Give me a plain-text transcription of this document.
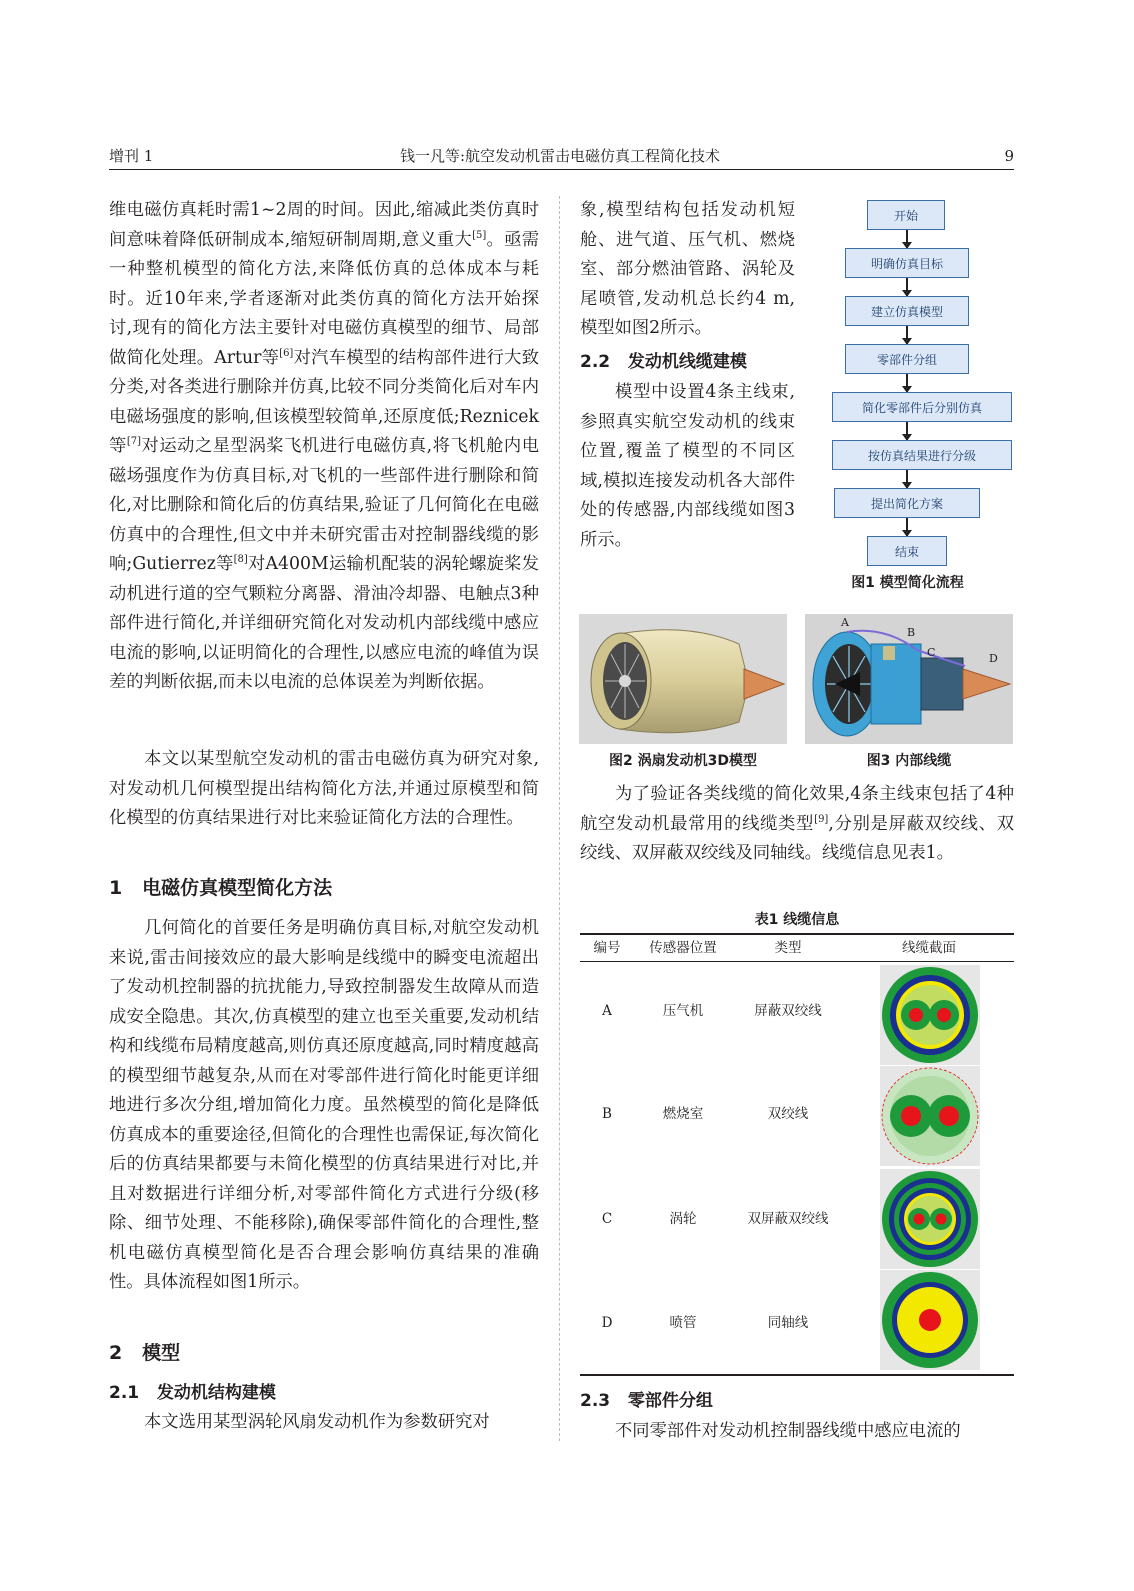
增刊 1	钱一凡等:航空发动机雷击电磁仿真工程简化技术	9

维电磁仿真耗时需1~2周的时间。因此,缩减此类仿真时间意味着降低研制成本,缩短研制周期,意义重大[5]。亟需一种整机模型的简化方法,来降低仿真的总体成本与耗时。近10年来,学者逐渐对此类仿真的简化方法开始探讨,现有的简化方法主要针对电磁仿真模型的细节、局部做简化处理。Artur等[6]对汽车模型的结构部件进行大致分类,对各类进行删除并仿真,比较不同分类简化后对车内电磁场强度的影响,但该模型较简单,还原度低;Reznicek等[7]对运动之星型涡桨飞机进行电磁仿真,将飞机舱内电磁场强度作为仿真目标,对飞机的一些部件进行删除和简化,对比删除和简化后的仿真结果,验证了几何简化在电磁仿真中的合理性,但文中并未研究雷击对控制器线缆的影响;Gutierrez等[8]对A400M运输机配装的涡轮螺旋桨发动机进行道的空气颗粒分离器、滑油冷却器、电触点3种部件进行简化,并详细研究简化对发动机内部线缆中感应电流的影响,以证明简化的合理性,以感应电流的峰值为误差的判断依据,而未以电流的总体误差为判断依据。

本文以某型航空发动机的雷击电磁仿真为研究对象,对发动机几何模型提出结构简化方法,并通过原模型和简化模型的仿真结果进行对比来验证简化方法的合理性。

1 电磁仿真模型简化方法

几何简化的首要任务是明确仿真目标,对航空发动机来说,雷击间接效应的最大影响是线缆中的瞬变电流超出了发动机控制器的抗扰能力,导致控制器发生故障从而造成安全隐患。其次,仿真模型的建立也至关重要,发动机结构和线缆布局精度越高,则仿真还原度越高,同时精度越高的模型细节越复杂,从而在对零部件进行简化时能更详细地进行多次分组,增加简化力度。虽然模型的简化是降低仿真成本的重要途径,但简化的合理性也需保证,每次简化后的仿真结果都要与未简化模型的仿真结果进行对比,并且对数据进行详细分析,对零部件简化方式进行分级(移除、细节处理、不能移除),确保零部件简化的合理性,整机电磁仿真模型简化是否合理会影响仿真结果的准确性。具体流程如图1所示。

2 模型
2.1 发动机结构建模

本文选用某型涡轮风扇发动机作为参数研究对

象,模型结构包括发动机短舱、进气道、压气机、燃烧室、部分燃油管路、涡轮及尾喷管,发动机总长约4 m,模型如图2所示。

2.2 发动机线缆建模

模型中设置4条主线束,参照真实航空发动机的线束位置,覆盖了模型的不同区域,模拟连接发动机各大部件处的传感器,内部线缆如图3所示。

开始
明确仿真目标
建立仿真模型
零部件分组
简化零部件后分别仿真
按仿真结果进行分级
提出简化方案
结束
图1 模型简化流程
图2 涡扇发动机3D模型
A
B
C	D
图3 内部线缆

为了验证各类线缆的简化效果,4条主线束包括了4种航空发动机最常用的线缆类型[9],分别是屏蔽双绞线、双绞线、双屏蔽双绞线及同轴线。线缆信息见表1。

表1 线缆信息
编号	传感器位置	类型	线缆截面
A	压气机	屏蔽双绞线
B	燃烧室	双绞线
C	涡轮	双屏蔽双绞线
D	喷管	同轴线
2.3 零部件分组

不同零部件对发动机控制器线缆中感应电流的
